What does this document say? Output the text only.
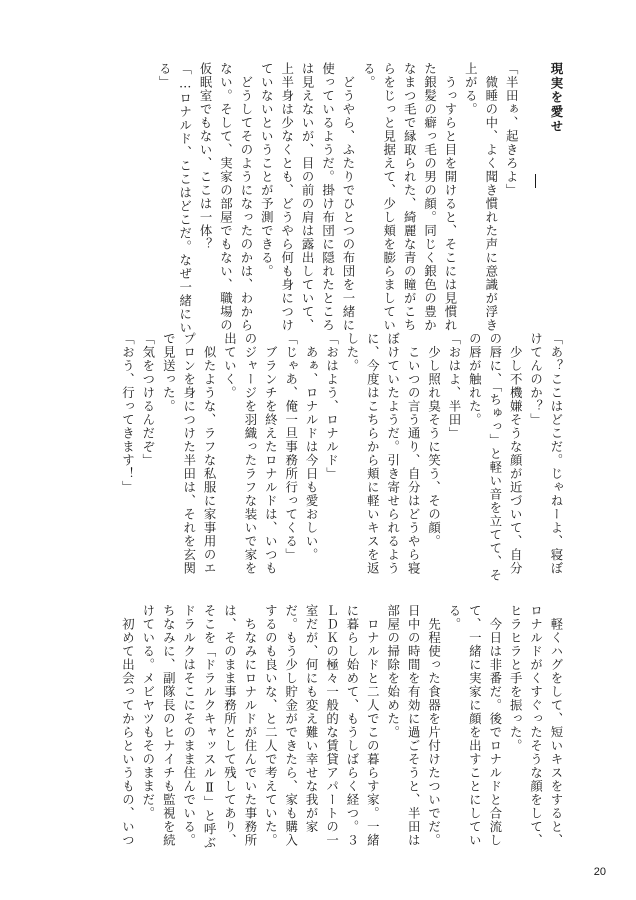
現実を愛せ

「半田ぁ、起きろよ」

　微睡の中、よく聞き慣れた声に意識が浮き上がる。

　うっすらと目を開けると、そこには見慣れた銀髪の癖っ毛の男の顔。同じく銀色の豊かなまつ毛で縁取られた、綺麗な青の瞳がこちらをじっと見据えて、少し頬を膨らましている。

　どうやら、ふたりでひとつの布団を一緒に使っているようだ。掛け布団に隠れたところは見えないが、目の前の肩は露出していて、上半身は少なくとも、どうやら何も身につけていないということが予測できる。

　どうしてそのようになったのかは、わからない。そして、実家の部屋でもない、職場の仮眠室でもない、ここは一体？

「…ロナルド、ここはどこだ。なぜ一緒にいる」

「あ？ここはどこだ。じゃねーよ、寝ぼけてんのか？」

　少し不機嫌そうな顔が近づいて、自分の唇に、「ちゅっ」と軽い音を立てて、その唇が触れた。

「おはよ、半田」

　少し照れ臭そうに笑う、その顔。

　こいつの言う通り、自分はどうやら寝ぼけていたようだ。引き寄せられるように、今度はこちらから頬に軽いキスを返した。

「おはよう、ロナルド」

　あぁ、ロナルドは今日も愛おしい。

「じゃあ、俺一旦事務所行ってくる」

　ブランチを終えたロナルドは、いつものジャージを羽織ったラフな装いで家を出ていく。

　似たような、ラフな私服に家事用のエプロンを身につけた半田は、それを玄関で見送った。

「気をつけるんだぞ」

「おう、行ってきます！」

　軽くハグをして、短いキスをすると、ロナルドがくすぐったそうな顔をして、ヒラヒラと手を振った。

　今日は非番だ。後でロナルドと合流して、一緒に実家に顔を出すことにしている。

　先程使った食器を片付けたついでだ。日中の時間を有効に過ごそうと、半田は部屋の掃除を始めた。

　ロナルドと二人でこの暮らす家。一緒に暮らし始めて、もうしばらく経つ。３ＬＤＫの極々一般的な賃貸アパートの一室だが、何にも変え難い幸せな我が家だ。もう少し貯金ができたら、家も購入するのも良いな、と二人で考えていた。

　ちなみにロナルドが住んでいた事務所は、そのまま事務所として残してあり、そこを「ドラルクキャッスルⅡ」と呼ぶドラルクはそこにそのまま住んでいる。ちなみに、副隊長のヒナイチも監視を続けている。メビヤツもそのままだ。

　初めて出会ってからというもの、いつ

20
